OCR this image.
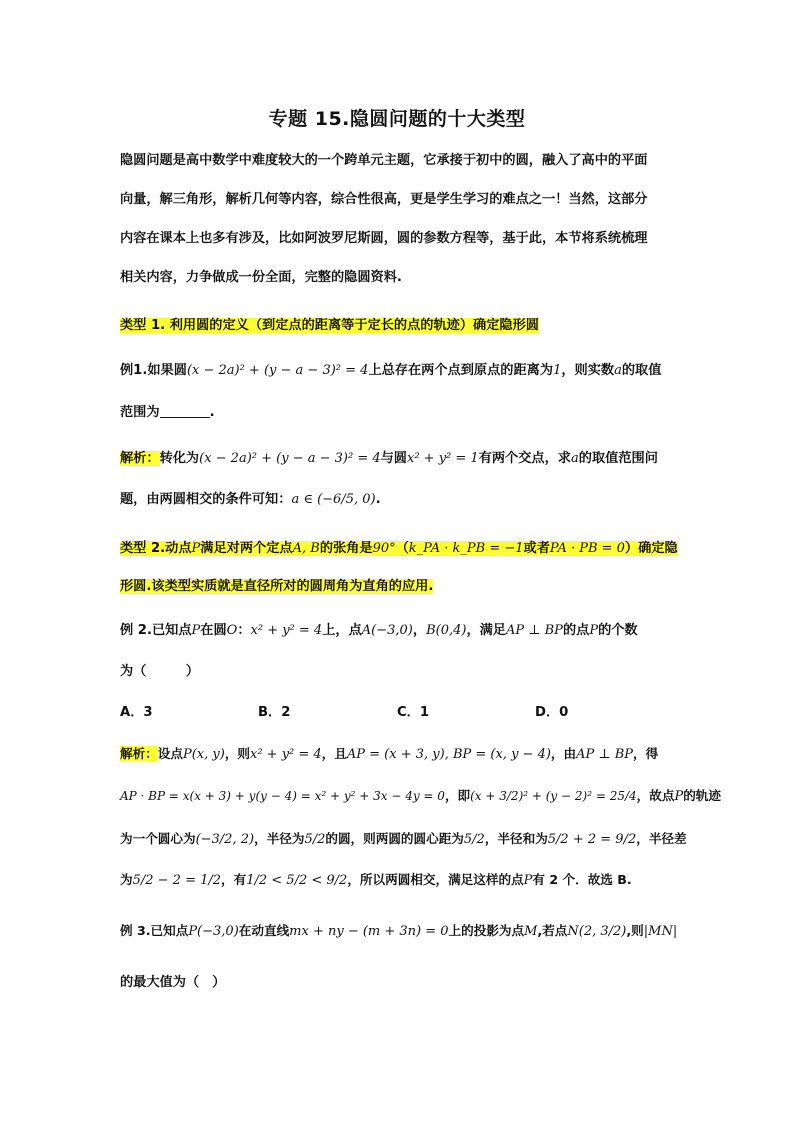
专题 15.隐圆问题的十大类型
隐圆问题是高中数学中难度较大的一个跨单元主题，它承接于初中的圆，融入了高中的平面
向量，解三角形，解析几何等内容，综合性很高，更是学生学习的难点之一！当然，这部分
内容在课本上也多有涉及，比如阿波罗尼斯圆，圆的参数方程等，基于此，本节将系统梳理
相关内容，力争做成一份全面，完整的隐圆资料.
类型 1. 利用圆的定义（到定点的距离等于定长的点的轨迹）确定隐形圆
例1.如果圆(x − 2a)² + (y − a − 3)² = 4上总存在两个点到原点的距离为1，则实数a的取值
范围为	.
解析：转化为(x − 2a)² + (y − a − 3)² = 4与圆x² + y² = 1有两个交点，求a的取值范围问
题，由两圆相交的条件可知：a ∈ (−6/5, 0).
类型 2.动点P满足对两个定点A, B的张角是90°（k_PA · k_PB = −1或者PA · PB = 0）确定隐
形圆.该类型实质就是直径所对的圆周角为直角的应用.
例 2.已知点P在圆O：x² + y² = 4上，点A(−3,0)，B(0,4)，满足AP ⊥ BP的点P的个数
为（　　　）
A．3	B．2	C．1	D．0
解析：设点P(x, y)，则x² + y² = 4，且AP = (x + 3, y), BP = (x, y − 4)，由AP ⊥ BP，得
AP · BP = x(x + 3) + y(y − 4) = x² + y² + 3x − 4y = 0，即(x + 3/2)² + (y − 2)² = 25/4，故点P的轨迹
为一个圆心为(−3/2, 2)，半径为5/2的圆，则两圆的圆心距为5/2，半径和为5/2 + 2 = 9/2，半径差
为5/2 − 2 = 1/2，有1/2 < 5/2 < 9/2，所以两圆相交，满足这样的点P有 2 个．故选 B.
例 3.已知点P(−3,0)在动直线mx + ny − (m + 3n) = 0上的投影为点M,若点N(2, 3/2),则|MN|
的最大值为（　）
